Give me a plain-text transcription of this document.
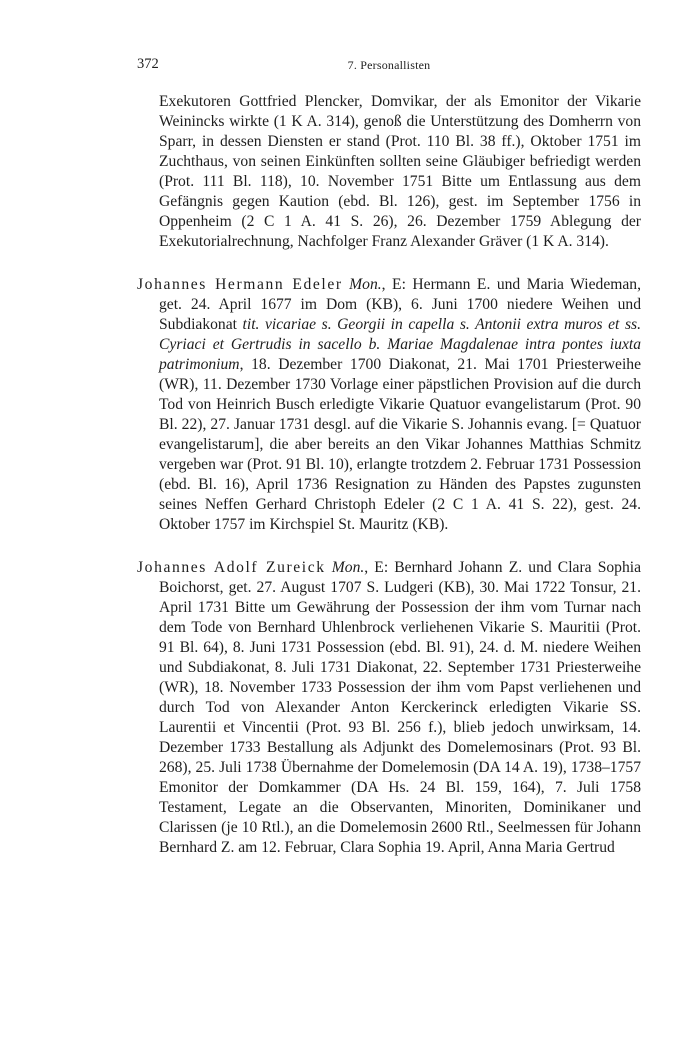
372	7. Personallisten

Exekutoren Gottfried Plencker, Domvikar, der als Emonitor der Vikarie Weinincks wirkte (1 K A. 314), genoß die Unterstützung des Domherrn von Sparr, in dessen Diensten er stand (Prot. 110 Bl. 38 ff.), Oktober 1751 im Zuchthaus, von seinen Einkünften sollten seine Gläubiger befriedigt werden (Prot. 111 Bl. 118), 10. November 1751 Bitte um Entlassung aus dem Gefängnis gegen Kaution (ebd. Bl. 126), gest. im September 1756 in Oppenheim (2 C 1 A. 41 S. 26), 26. Dezember 1759 Ablegung der Exekutorialrechnung, Nachfolger Franz Alexander Gräver (1 K A. 314).

Johannes Hermann Edeler Mon., E: Hermann E. und Maria Wiedeman, get. 24. April 1677 im Dom (KB), 6. Juni 1700 niedere Weihen und Subdiakonat tit. vicariae s. Georgii in capella s. Antonii extra muros et ss. Cyriaci et Gertrudis in sacello b. Mariae Magdalenae intra pontes iuxta patrimonium, 18. Dezember 1700 Diakonat, 21. Mai 1701 Priesterweihe (WR), 11. Dezember 1730 Vorlage einer päpstlichen Provision auf die durch Tod von Heinrich Busch erledigte Vikarie Quatuor evangelistarum (Prot. 90 Bl. 22), 27. Januar 1731 desgl. auf die Vikarie S. Johannis evang. [= Quatuor evangelistarum], die aber bereits an den Vikar Johannes Matthias Schmitz vergeben war (Prot. 91 Bl. 10), erlangte trotzdem 2. Februar 1731 Possession (ebd. Bl. 16), April 1736 Resignation zu Händen des Papstes zugunsten seines Neffen Gerhard Christoph Edeler (2 C 1 A. 41 S. 22), gest. 24. Oktober 1757 im Kirchspiel St. Mauritz (KB).

Johannes Adolf Zureick Mon., E: Bernhard Johann Z. und Clara Sophia Boichorst, get. 27. August 1707 S. Ludgeri (KB), 30. Mai 1722 Tonsur, 21. April 1731 Bitte um Gewährung der Possession der ihm vom Turnar nach dem Tode von Bernhard Uhlenbrock verliehenen Vikarie S. Mauritii (Prot. 91 Bl. 64), 8. Juni 1731 Possession (ebd. Bl. 91), 24. d. M. niedere Weihen und Subdiakonat, 8. Juli 1731 Diakonat, 22. September 1731 Priesterweihe (WR), 18. November 1733 Possession der ihm vom Papst verliehenen und durch Tod von Alexander Anton Kerckerinck erledigten Vikarie SS. Laurentii et Vincentii (Prot. 93 Bl. 256 f.), blieb jedoch unwirksam, 14. Dezember 1733 Bestallung als Adjunkt des Domelemosinars (Prot. 93 Bl. 268), 25. Juli 1738 Übernahme der Domelemosin (DA 14 A. 19), 1738–1757 Emonitor der Domkammer (DA Hs. 24 Bl. 159, 164), 7. Juli 1758 Testament, Legate an die Observanten, Minoriten, Dominikaner und Clarissen (je 10 Rtl.), an die Domelemosin 2600 Rtl., Seelmessen für Johann Bernhard Z. am 12. Februar, Clara Sophia 19. April, Anna Maria Gertrud
